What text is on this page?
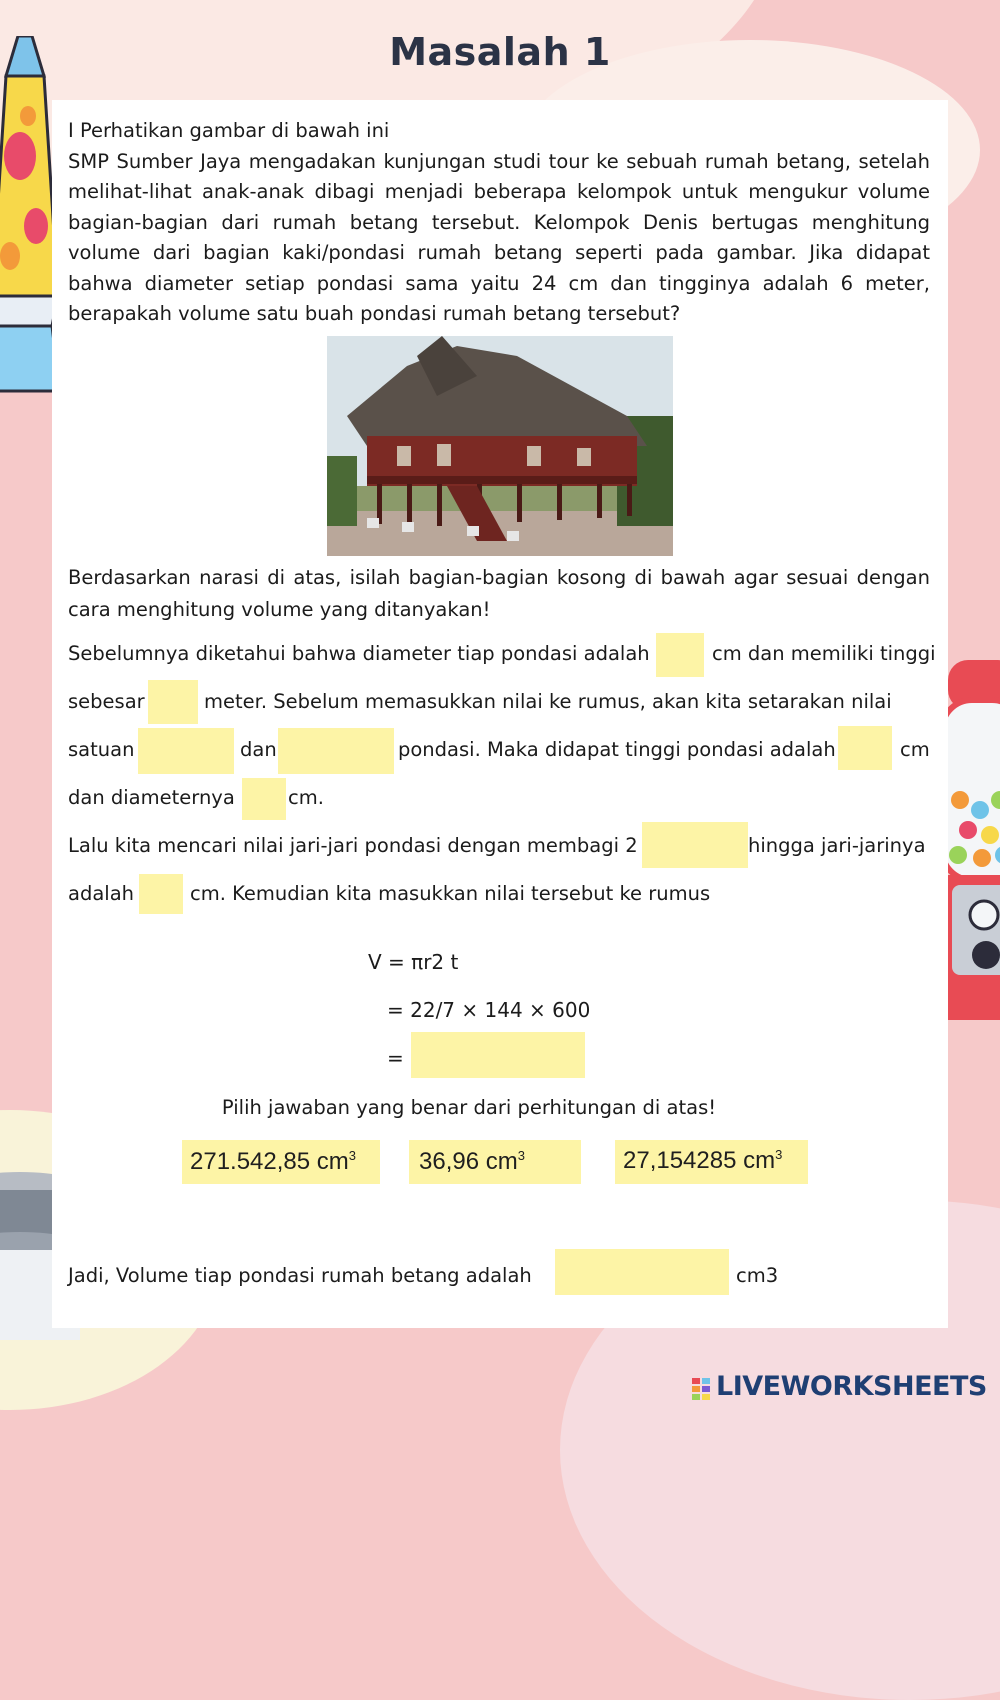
Masalah 1
I Perhatikan gambar di bawah ini
SMP Sumber Jaya mengadakan kunjungan studi tour ke sebuah rumah betang, setelah
melihat-lihat anak-anak dibagi menjadi beberapa kelompok untuk mengukur volume
bagian-bagian dari rumah betang tersebut. Kelompok Denis bertugas menghitung
volume dari bagian kaki/pondasi rumah betang seperti pada gambar. Jika didapat
bahwa diameter setiap pondasi sama yaitu 24 cm dan tingginya adalah 6 meter,
berapakah volume satu buah pondasi rumah betang tersebut?
Berdasarkan narasi di atas, isilah bagian-bagian kosong di bawah agar sesuai dengan
cara menghitung volume yang ditanyakan!
Sebelumnya diketahui bahwa diameter tiap pondasi adalah	cm dan memiliki tinggi
sebesar	meter. Sebelum memasukkan nilai ke rumus, akan kita setarakan nilai
satuan	dan	pondasi. Maka didapat tinggi pondasi adalah	cm
dan diameternya	cm.
Lalu kita mencari nilai jari-jari pondasi dengan membagi 2	hingga jari-jarinya
adalah	cm. Kemudian kita masukkan nilai tersebut ke rumus
V = πr2 t
= 22/7 × 144 × 600
=
Pilih jawaban yang benar dari perhitungan di atas!
271.542,85 $cm^3$	36,96 $cm^3$	27,154285 $cm^3$
Jadi, Volume tiap pondasi rumah betang adalah	cm3
LIVEWORKSHEETS
